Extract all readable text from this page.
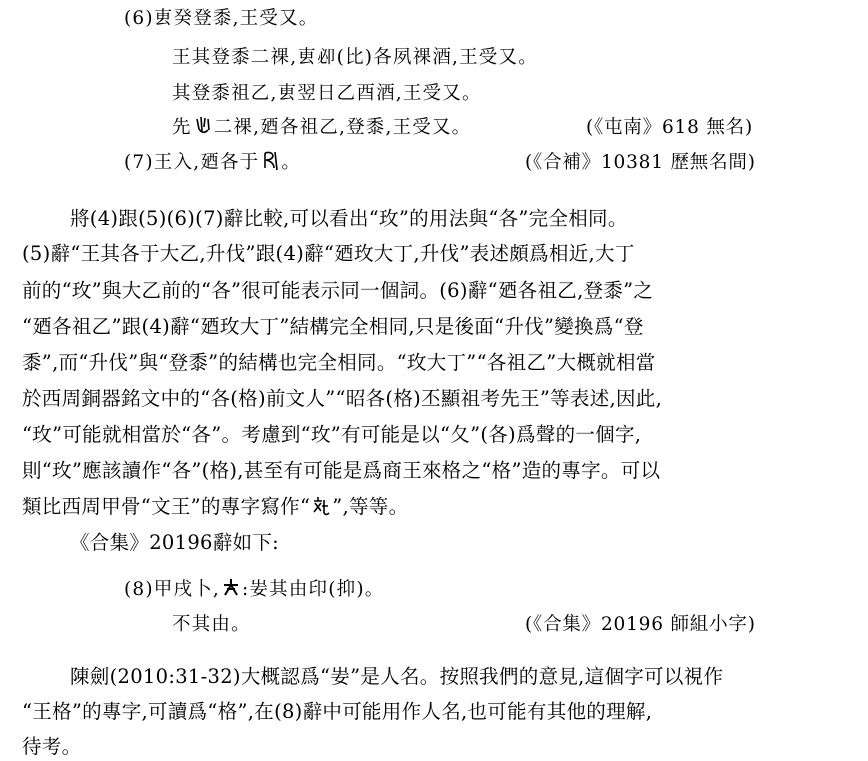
(6)叀癸登黍,王受又。
王其登黍二祼,叀𠨘(比)各夙祼酒,王受又。
其登黍祖乙,叀翌日乙酉酒,王受又。
先 二祼,廼各祖乙,登黍,王受又。	(《屯南》618 無名)
(7)王入,廼各于 。	(《合補》10381 歷無名間)
將(4)跟(5)(6)(7)辭比較,可以看出“玫”的用法與“各”完全相同。
(5)辭“王其各于大乙,升伐”跟(4)辭“廼玫大丁,升伐”表述頗爲相近,大丁
前的“玫”與大乙前的“各”很可能表示同一個詞。(6)辭“廼各祖乙,登黍”之
“廼各祖乙”跟(4)辭“廼玫大丁”結構完全相同,只是後面“升伐”變換爲“登
黍”,而“升伐”與“登黍”的結構也完全相同。“玫大丁”“各祖乙”大概就相當
於西周銅器銘文中的“各(格)前文人”“昭各(格)丕顯祖考先王”等表述,因此,
“玫”可能就相當於“各”。考慮到“玫”有可能是以“夂”(各)爲聲的一個字,
則“玫”應該讀作“各”(格),甚至有可能是爲商王來格之“格”造的專字。可以
類比西周甲骨“文王”的專字寫作“ ”,等等。
《合集》20196辭如下:
(8)甲戌卜, :妛其由印(抑)。
不其由。	(《合集》20196 師組小字)
陳劍(2010:31-32)大概認爲“妛”是人名。按照我們的意見,這個字可以視作
“王格”的專字,可讀爲“格”,在(8)辭中可能用作人名,也可能有其他的理解,
待考。
